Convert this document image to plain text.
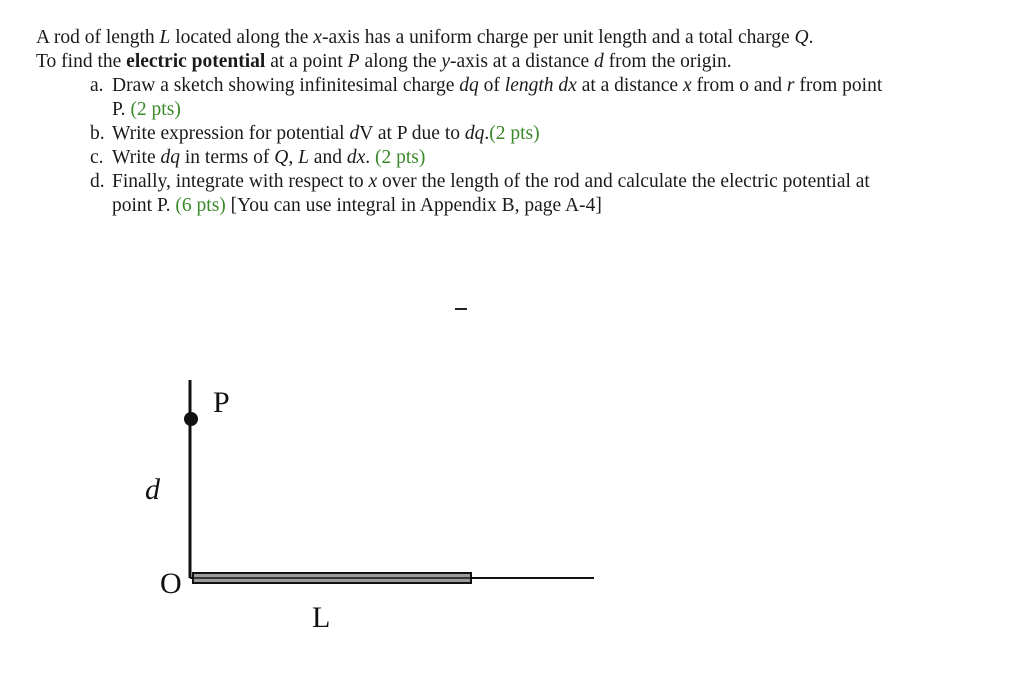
A rod of length L located along the x-axis has a uniform charge per unit length and a total charge Q.
To find the electric potential at a point P along the y-axis at a distance d from the origin.
a. Draw a sketch showing infinitesimal charge dq of length dx at a distance x from o and r from point
P. (2 pts)
b. Write expression for potential dV at P due to dq.(2 pts)
c. Write dq in terms of Q, L and dx. (2 pts)
d. Finally, integrate with respect to x over the length of the rod and calculate the electric potential at
point P. (6 pts) [You can use integral in Appendix B, page A-4]
P
d
O
L
